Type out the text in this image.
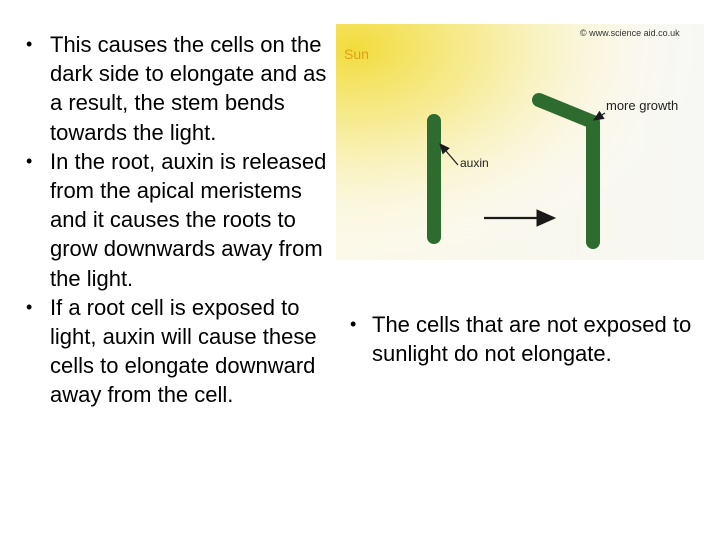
• This causes the cells on the dark side to elongate and as a result, the stem bends towards the light.
• In the root, auxin is released from the apical meristems and it causes the roots to grow downwards away from the light.
• If a root cell is exposed to light, auxin will cause these cells to elongate downward away from the cell.
Sun
© www.science aid.co.uk
auxin
more growth
• The cells that are not exposed to sunlight do not elongate.
